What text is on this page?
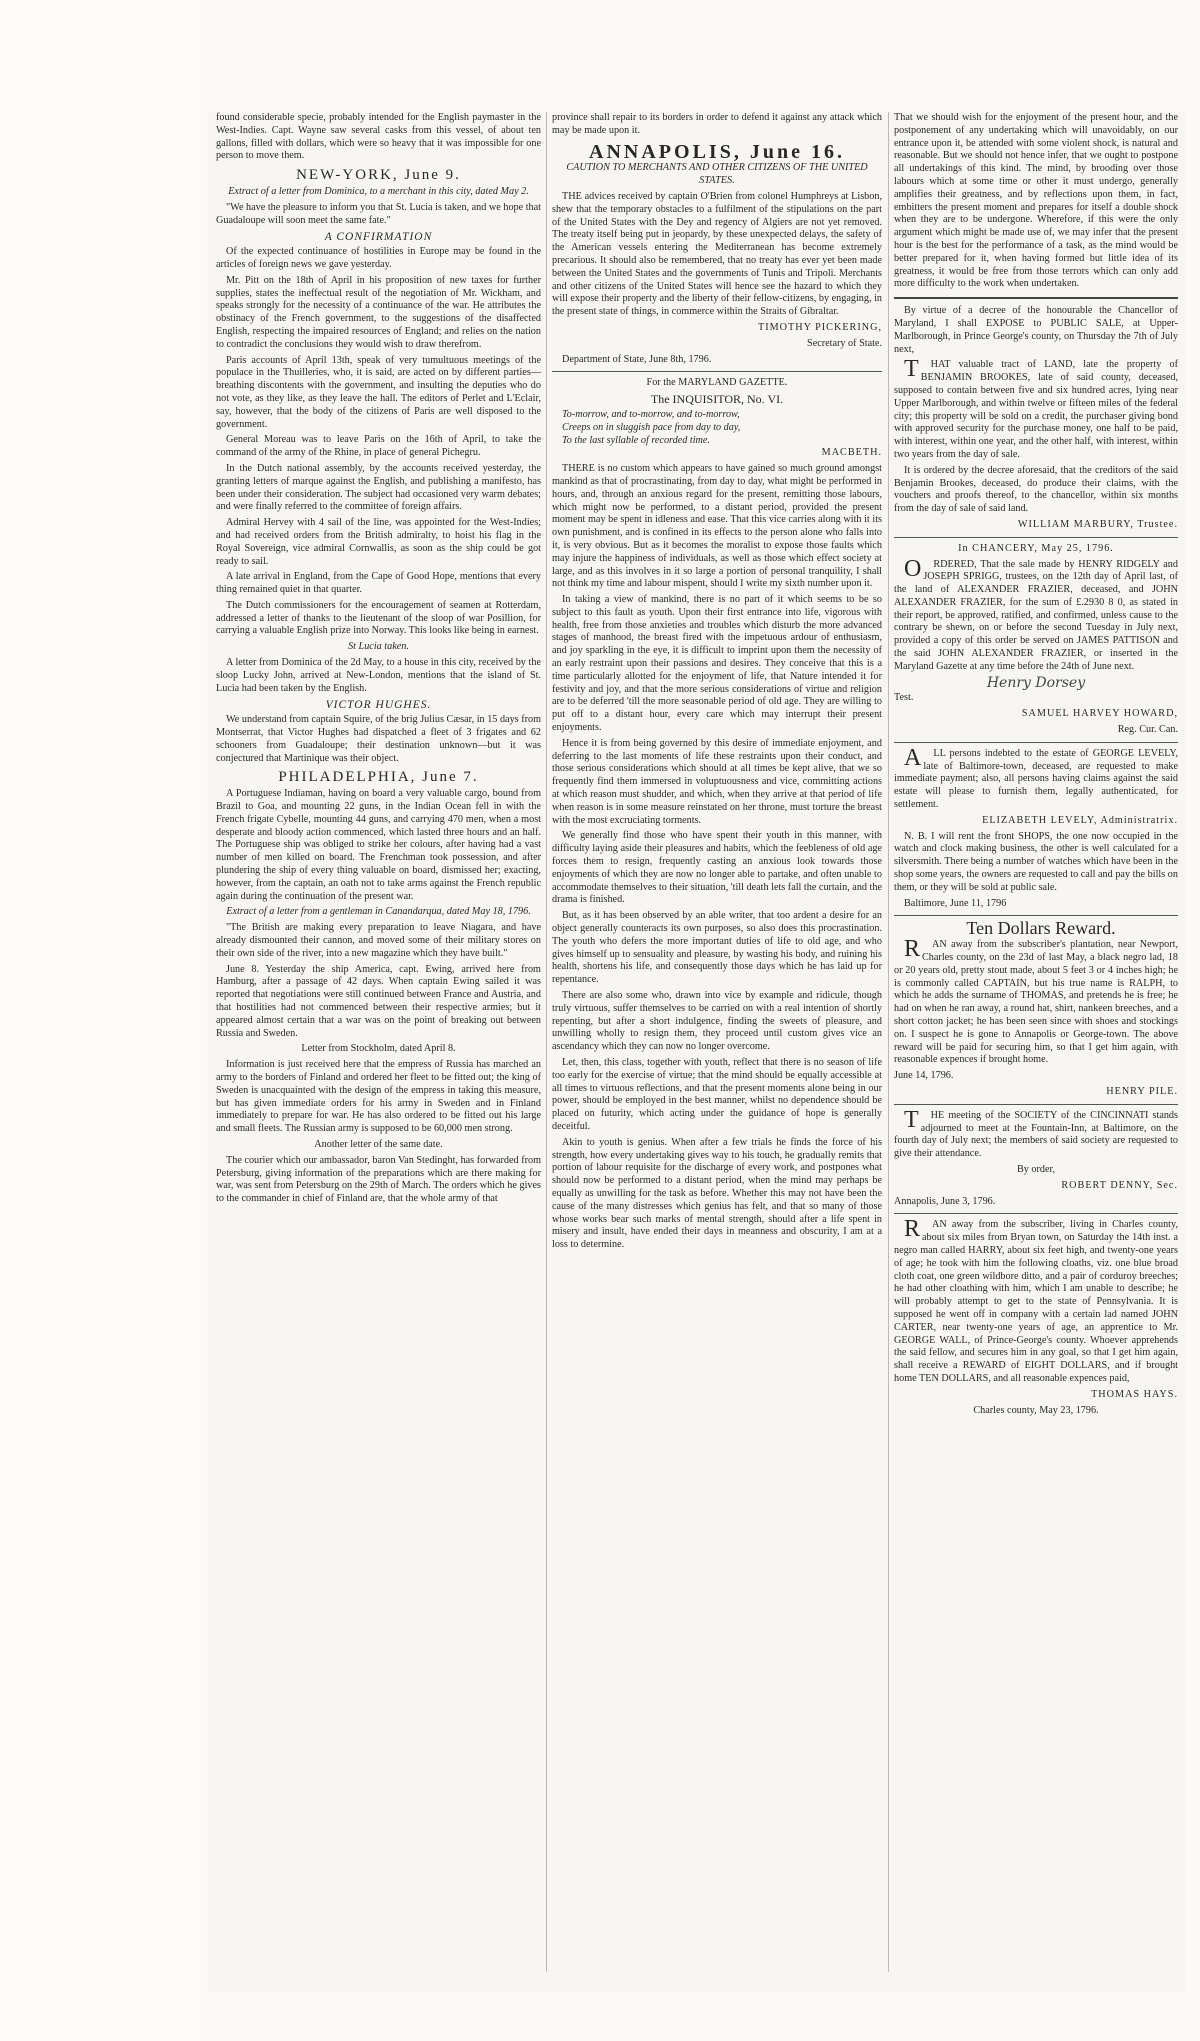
found considerable specie, probably intended for the English paymaster in the West-Indies. Capt. Wayne saw several casks from this vessel, of about ten gallons, filled with dollars, which were so heavy that it was impossible for one person to move them.

NEW-YORK, June 9.

Extract of a letter from Dominica, to a merchant in this city, dated May 2.

"We have the pleasure to inform you that St. Lucia is taken, and we hope that Guadaloupe will soon meet the same fate."

A CONFIRMATION

Of the expected continuance of hostilities in Europe may be found in the articles of foreign news we gave yesterday.

Mr. Pitt on the 18th of April in his proposition of new taxes for further supplies, states the ineffectual result of the negotiation of Mr. Wickham, and speaks strongly for the necessity of a continuance of the war. He attributes the obstinacy of the French government, to the suggestions of the disaffected English, respecting the impaired resources of England; and relies on the nation to contradict the conclusions they would wish to draw therefrom.

Paris accounts of April 13th, speak of very tumultuous meetings of the populace in the Thuilleries, who, it is said, are acted on by different parties—breathing discontents with the government, and insulting the deputies who do not vote, as they like, as they leave the hall. The editors of Perlet and L'Eclair, say, however, that the body of the citizens of Paris are well disposed to the government.

General Moreau was to leave Paris on the 16th of April, to take the command of the army of the Rhine, in place of general Pichegru.

In the Dutch national assembly, by the accounts received yesterday, the granting letters of marque against the English, and publishing a manifesto, has been under their consideration. The subject had occasioned very warm debates; and were finally referred to the committee of foreign affairs.

Admiral Hervey with 4 sail of the line, was appointed for the West-Indies; and had received orders from the British admiralty, to hoist his flag in the Royal Sovereign, vice admiral Cornwallis, as soon as the ship could be got ready to sail.

A late arrival in England, from the Cape of Good Hope, mentions that every thing remained quiet in that quarter.

The Dutch commissioners for the encouragement of seamen at Rotterdam, addressed a letter of thanks to the lieutenant of the sloop of war Posillion, for carrying a valuable English prize into Norway. This looks like being in earnest.

St Lucia taken.

A letter from Dominica of the 2d May, to a house in this city, received by the sloop Lucky John, arrived at New-London, mentions that the island of St. Lucia had been taken by the English.

VICTOR HUGHES.

We understand from captain Squire, of the brig Julius Cæsar, in 15 days from Montserrat, that Victor Hughes had dispatched a fleet of 3 frigates and 62 schooners from Guadaloupe; their destination unknown—but it was conjectured that Martinique was their object.

PHILADELPHIA, June 7.

A Portuguese Indiaman, having on board a very valuable cargo, bound from Brazil to Goa, and mounting 22 guns, in the Indian Ocean fell in with the French frigate Cybelle, mounting 44 guns, and carrying 470 men, when a most desperate and bloody action commenced, which lasted three hours and an half. The Portuguese ship was obliged to strike her colours, after having had a vast number of men killed on board. The Frenchman took possession, and after plundering the ship of every thing valuable on board, dismissed her; exacting, however, from the captain, an oath not to take arms against the French republic again during the continuation of the present war.

Extract of a letter from a gentleman in Canandarqua, dated May 18, 1796.

"The British are making every preparation to leave Niagara, and have already dismounted their cannon, and moved some of their military stores on their own side of the river, into a new magazine which they have built."

June 8. Yesterday the ship America, capt. Ewing, arrived here from Hamburg, after a passage of 42 days. When captain Ewing sailed it was reported that negotiations were still continued between France and Austria, and that hostilities had not commenced between their respective armies; but it appeared almost certain that a war was on the point of breaking out between Russia and Sweden.

Letter from Stockholm, dated April 8.

Information is just received here that the empress of Russia has marched an army to the borders of Finland and ordered her fleet to be fitted out; the king of Sweden is unacquainted with the design of the empress in taking this measure, but has given immediate orders for his army in Sweden and in Finland immediately to prepare for war. He has also ordered to be fitted out his large and small fleets. The Russian army is supposed to be 60,000 men strong.

Another letter of the same date.

The courier which our ambassador, baron Van Stedinght, has forwarded from Petersburg, giving information of the preparations which are there making for war, was sent from Petersburg on the 29th of March. The orders which he gives to the commander in chief of Finland are, that the whole army of that

province shall repair to its borders in order to defend it against any attack which may be made upon it.

ANNAPOLIS, June 16.

CAUTION TO MERCHANTS AND OTHER CITIZENS OF THE UNITED STATES.

THE advices received by captain O'Brien from colonel Humphreys at Lisbon, shew that the temporary obstacles to a fulfilment of the stipulations on the part of the United States with the Dey and regency of Algiers are not yet removed. The treaty itself being put in jeopardy, by these unexpected delays, the safety of the American vessels entering the Mediterranean has become extremely precarious. It should also be remembered, that no treaty has ever yet been made between the United States and the governments of Tunis and Tripoli. Merchants and other citizens of the United States will hence see the hazard to which they will expose their property and the liberty of their fellow-citizens, by engaging, in the present state of things, in commerce within the Straits of Gibraltar.

TIMOTHY PICKERING,

Secretary of State.

Department of State, June 8th, 1796.

For the MARYLAND GAZETTE.

The INQUISITOR, No. VI.

To-morrow, and to-morrow, and to-morrow,

Creeps on in sluggish pace from day to day,

To the last syllable of recorded time.

MACBETH.

THERE is no custom which appears to have gained so much ground amongst mankind as that of procrastinating, from day to day, what might be performed in hours, and, through an anxious regard for the present, remitting those labours, which might now be performed, to a distant period, provided the present moment may be spent in idleness and ease. That this vice carries along with it its own punishment, and is confined in its effects to the person alone who falls into it, is very obvious. But as it becomes the moralist to expose those faults which may injure the happiness of individuals, as well as those which effect society at large, and as this involves in it so large a portion of personal tranquility, I shall not think my time and labour mispent, should I write my sixth number upon it.

In taking a view of mankind, there is no part of it which seems to be so subject to this fault as youth. Upon their first entrance into life, vigorous with health, free from those anxieties and troubles which disturb the more advanced stages of manhood, the breast fired with the impetuous ardour of enthusiasm, and joy sparkling in the eye, it is difficult to imprint upon them the necessity of an early restraint upon their passions and desires. They conceive that this is a time particularly allotted for the enjoyment of life, that Nature intended it for festivity and joy, and that the more serious considerations of virtue and religion are to be deferred 'till the more seasonable period of old age. They are willing to put off to a distant hour, every care which may interrupt their present enjoyments.

Hence it is from being governed by this desire of immediate enjoyment, and deferring to the last moments of life these restraints upon their conduct, and those serious considerations which should at all times be kept alive, that we so frequently find them immersed in voluptuousness and vice, committing actions at which reason must shudder, and which, when they arrive at that period of life when reason is in some measure reinstated on her throne, must torture the breast with the most excruciating torments.

We generally find those who have spent their youth in this manner, with difficulty laying aside their pleasures and habits, which the feebleness of old age forces them to resign, frequently casting an anxious look towards those enjoyments of which they are now no longer able to partake, and often unable to accommodate themselves to their situation, 'till death lets fall the curtain, and the drama is finished.

But, as it has been observed by an able writer, that too ardent a desire for an object generally counteracts its own purposes, so also does this procrastination. The youth who defers the more important duties of life to old age, and who gives himself up to sensuality and pleasure, by wasting his body, and ruining his health, shortens his life, and consequently those days which he has laid up for repentance.

There are also some who, drawn into vice by example and ridicule, though truly virtuous, suffer themselves to be carried on with a real intention of shortly repenting, but after a short indulgence, finding the sweets of pleasure, and unwilling wholly to resign them, they proceed until custom gives vice an ascendancy which they can now no longer overcome.

Let, then, this class, together with youth, reflect that there is no season of life too early for the exercise of virtue; that the mind should be equally accessible at all times to virtuous reflections, and that the present moments alone being in our power, should be employed in the best manner, whilst no dependence should be placed on futurity, which acting under the guidance of hope is generally deceitful.

Akin to youth is genius. When after a few trials he finds the force of his strength, how every undertaking gives way to his touch, he gradually remits that portion of labour requisite for the discharge of every work, and postpones what should now be performed to a distant period, when the mind may perhaps be equally as unwilling for the task as before. Whether this may not have been the cause of the many distresses which genius has felt, and that so many of those whose works bear such marks of mental strength, should after a life spent in misery and insult, have ended their days in meanness and obscurity, I am at a loss to determine.

That we should wish for the enjoyment of the present hour, and the postponement of any undertaking which will unavoidably, on our entrance upon it, be attended with some violent shock, is natural and reasonable. But we should not hence infer, that we ought to postpone all undertakings of this kind. The mind, by brooding over those labours which at some time or other it must undergo, generally amplifies their greatness, and by reflections upon them, in fact, embitters the present moment and prepares for itself a double shock when they are to be undergone. Wherefore, if this were the only argument which might be made use of, we may infer that the present hour is the best for the performance of a task, as the mind would be better prepared for it, when having formed but little idea of its greatness, it would be free from those terrors which can only add more difficulty to the work when undertaken.

By virtue of a decree of the honourable the Chancellor of Maryland, I shall EXPOSE to PUBLIC SALE, at Upper-Marlborough, in Prince George's county, on Thursday the 7th of July next,

THAT valuable tract of LAND, late the property of BENJAMIN BROOKES, late of said county, deceased, supposed to contain between five and six hundred acres, lying near Upper Marlborough, and within twelve or fifteen miles of the federal city; this property will be sold on a credit, the purchaser giving bond with approved security for the purchase money, one half to be paid, with interest, within one year, and the other half, with interest, within two years from the day of sale.

It is ordered by the decree aforesaid, that the creditors of the said Benjamin Brookes, deceased, do produce their claims, with the vouchers and proofs thereof, to the chancellor, within six months from the day of sale of said land.

WILLIAM MARBURY, Trustee.

In CHANCERY, May 25, 1796.

ORDERED, That the sale made by HENRY RIDGELY and JOSEPH SPRIGG, trustees, on the 12th day of April last, of the land of ALEXANDER FRAZIER, deceased, and JOHN ALEXANDER FRAZIER, for the sum of £.2930 8 0, as stated in their report, be approved, ratified, and confirmed, unless cause to the contrary be shewn, on or before the second Tuesday in July next, provided a copy of this order be served on JAMES PATTISON and the said JOHN ALEXANDER FRAZIER, or inserted in the Maryland Gazette at any time before the 24th of June next.

Henry Dorsey

Test.

SAMUEL HARVEY HOWARD,

Reg. Cur. Can.

ALL persons indebted to the estate of GEORGE LEVELY, late of Baltimore-town, deceased, are requested to make immediate payment; also, all persons having claims against the said estate will please to furnish them, legally authenticated, for settlement.

ELIZABETH LEVELY, Administratrix.

N. B. I will rent the front SHOPS, the one now occupied in the watch and clock making business, the other is well calculated for a silversmith. There being a number of watches which have been in the shop some years, the owners are requested to call and pay the bills on them, or they will be sold at public sale.

Baltimore, June 11, 1796

Ten Dollars Reward.

RAN away from the subscriber's plantation, near Newport, Charles county, on the 23d of last May, a black negro lad, 18 or 20 years old, pretty stout made, about 5 feet 3 or 4 inches high; he is commonly called CAPTAIN, but his true name is RALPH, to which he adds the surname of THOMAS, and pretends he is free; he had on when he ran away, a round hat, shirt, nankeen breeches, and a short cotton jacket; he has been seen since with shoes and stockings on. I suspect he is gone to Annapolis or George-town. The above reward will be paid for securing him, so that I get him again, with reasonable expences if brought home.

June 14, 1796.

HENRY PILE.

THE meeting of the SOCIETY of the CINCINNATI stands adjourned to meet at the Fountain-Inn, at Baltimore, on the fourth day of July next; the members of said society are requested to give their attendance.

By order,

ROBERT DENNY, Sec.

Annapolis, June 3, 1796.

RAN away from the subscriber, living in Charles county, about six miles from Bryan town, on Saturday the 14th inst. a negro man called HARRY, about six feet high, and twenty-one years of age; he took with him the following cloaths, viz. one blue broad cloth coat, one green wildbore ditto, and a pair of corduroy breeches; he had other cloathing with him, which I am unable to describe; he will probably attempt to get to the state of Pennsylvania. It is supposed he went off in company with a certain lad named JOHN CARTER, near twenty-one years of age, an apprentice to Mr. GEORGE WALL, of Prince-George's county. Whoever apprehends the said fellow, and secures him in any goal, so that I get him again, shall receive a REWARD of EIGHT DOLLARS, and if brought home TEN DOLLARS, and all reasonable expences paid,

THOMAS HAYS.

Charles county, May 23, 1796.
